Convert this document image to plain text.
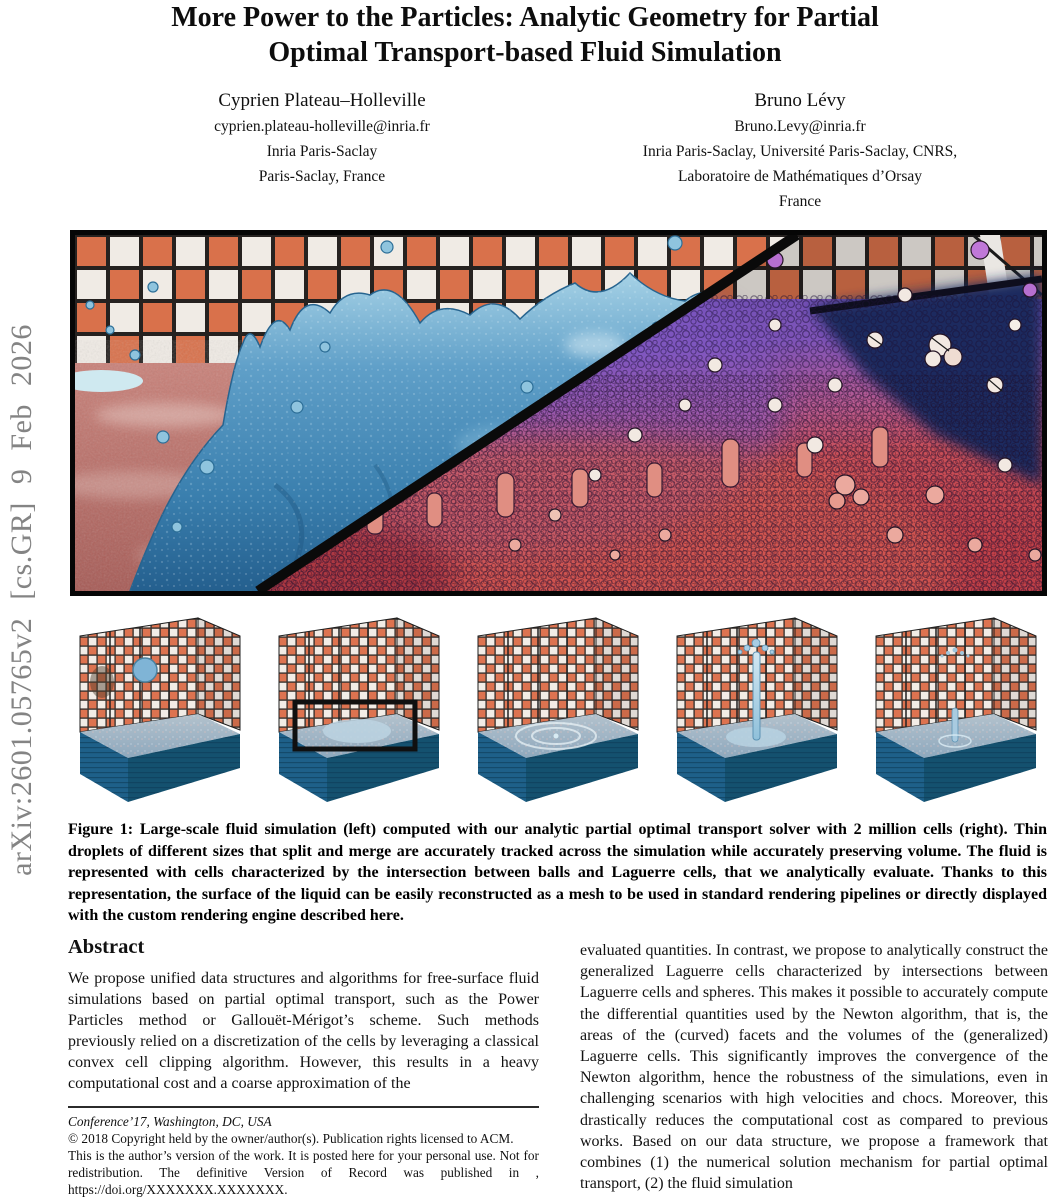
arXiv:2601.05765v2 [cs.GR] 9 Feb 2026
More Power to the Particles: Analytic Geometry for Partial
Optimal Transport-based Fluid Simulation
Cyprien Plateau–Holleville
cyprien.plateau-holleville@inria.fr
Inria Paris-Saclay
Paris-Saclay, France
Bruno Lévy
Bruno.Levy@inria.fr
Inria Paris-Saclay, Université Paris-Saclay, CNRS,
Laboratoire de Mathématiques d’Orsay
France

Figure 1: Large-scale fluid simulation (left) computed with our analytic partial optimal transport solver with 2 million cells (right). Thin droplets of different sizes that split and merge are accurately tracked across the simulation while accurately preserving volume. The fluid is represented with cells characterized by the intersection between balls and Laguerre cells, that we analytically evaluate. Thanks to this representation, the surface of the liquid can be easily reconstructed as a mesh to be used in standard rendering pipelines or directly displayed with the custom rendering engine described here.

Abstract

We propose unified data structures and algorithms for free-surface fluid simulations based on partial optimal transport, such as the Power Particles method or Gallouët-Mérigot’s scheme. Such methods previously relied on a discretization of the cells by leveraging a classical convex cell clipping algorithm. However, this results in a heavy computational cost and a coarse approximation of the

evaluated quantities. In contrast, we propose to analytically construct the generalized Laguerre cells characterized by intersections between Laguerre cells and spheres. This makes it possible to accurately compute the differential quantities used by the Newton algorithm, that is, the areas of the (curved) facets and the volumes of the (generalized) Laguerre cells. This significantly improves the convergence of the Newton algorithm, hence the robustness of the simulations, even in challenging scenarios with high velocities and chocs. Moreover, this drastically reduces the computational cost as compared to previous works. Based on our data structure, we propose a framework that combines (1) the numerical solution mechanism for partial optimal transport, (2) the fluid simulation

Conference’17, Washington, DC, USA

© 2018 Copyright held by the owner/author(s). Publication rights licensed to ACM.

This is the author’s version of the work. It is posted here for your personal use. Not for redistribution. The definitive Version of Record was published in , https://doi.org/XXXXXXX.XXXXXXX.
